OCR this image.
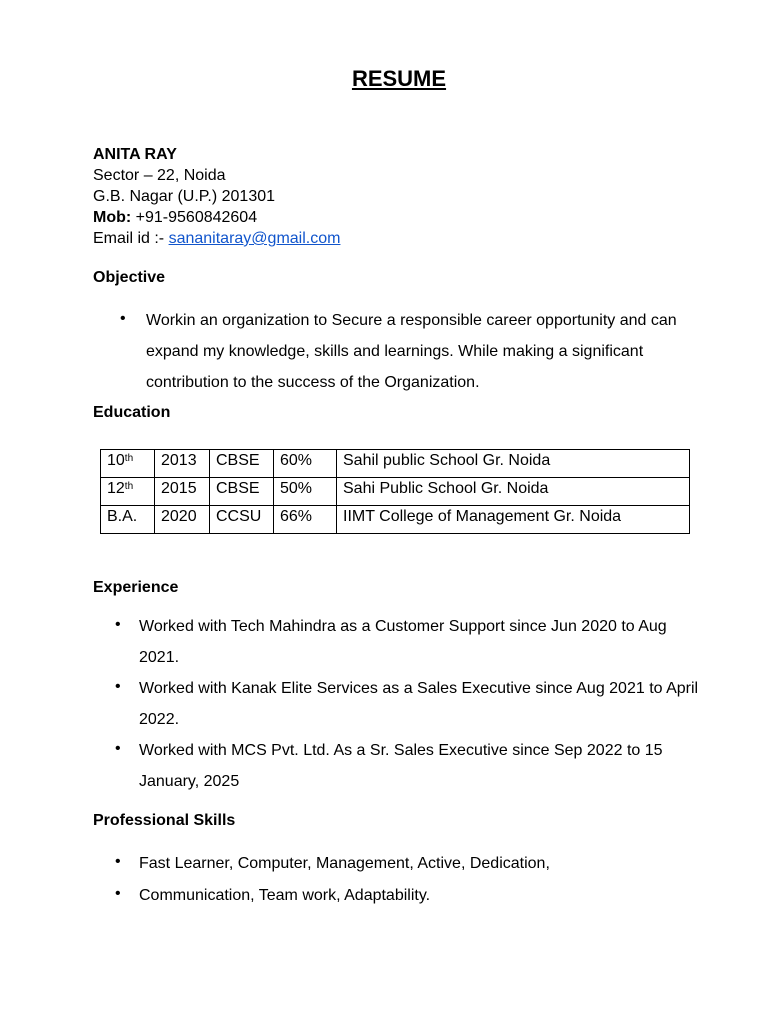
RESUME
ANITA RAY
Sector – 22, Noida
G.B. Nagar (U.P.) 201301
Mob: +91-9560842604
Email id :- sananitaray@gmail.com
Objective
• Workin an organization to Secure a responsible career opportunity and can
expand my knowledge, skills and learnings. While making a significant
contribution to the success of the Organization.
Education
10th	2013	CBSE	60%	Sahil public School Gr. Noida
12th	2015	CBSE	50%	Sahi Public School Gr. Noida
B.A.	2020	CCSU	66%	IIMT College of Management Gr. Noida
Experience
• Worked with Tech Mahindra as a Customer Support since Jun 2020 to Aug
2021.
• Worked with Kanak Elite Services as a Sales Executive since Aug 2021 to April
2022.
• Worked with MCS Pvt. Ltd. As a Sr. Sales Executive since Sep 2022 to 15
January, 2025
Professional Skills
• Fast Learner, Computer, Management, Active, Dedication,
• Communication, Team work, Adaptability.
